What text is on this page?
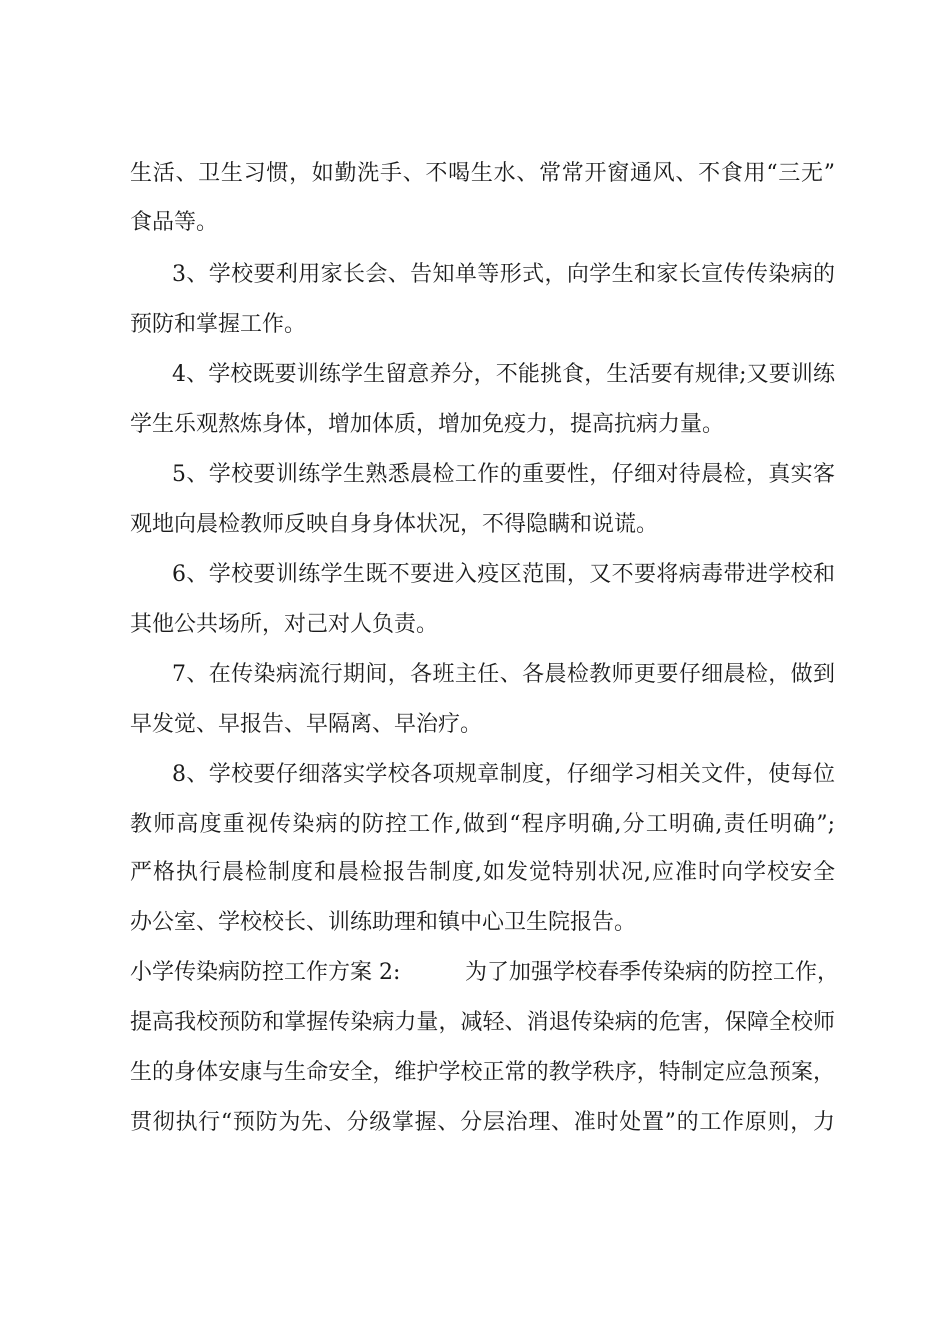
生活、卫生习惯，如勤洗手、不喝生水、常常开窗通风、不食用“三无”
食品等。
3、学校要利用家长会、告知单等形式，向学生和家长宣传传染病的
预防和掌握工作。
4、学校既要训练学生留意养分，不能挑食，生活要有规律;又要训练
学生乐观熬炼身体，增加体质，增加免疫力，提高抗病力量。
5、学校要训练学生熟悉晨检工作的重要性，仔细对待晨检，真实客
观地向晨检教师反映自身身体状况，不得隐瞒和说谎。
6、学校要训练学生既不要进入疫区范围，又不要将病毒带进学校和
其他公共场所，对己对人负责。
7、在传染病流行期间，各班主任、各晨检教师更要仔细晨检，做到
早发觉、早报告、早隔离、早治疗。
8、学校要仔细落实学校各项规章制度，仔细学习相关文件，使每位
教师高度重视传染病的防控工作,做到“程序明确,分工明确,责任明确”;
严格执行晨检制度和晨检报告制度,如发觉特别状况,应准时向学校安全
办公室、学校校长、训练助理和镇中心卫生院报告。
小学传染病防控工作方案 2:	为了加强学校春季传染病的防控工作，
提高我校预防和掌握传染病力量，减轻、消退传染病的危害，保障全校师
生的身体安康与生命安全，维护学校正常的教学秩序，特制定应急预案，
贯彻执行“预防为先、分级掌握、分层治理、准时处置”的工作原则，力
